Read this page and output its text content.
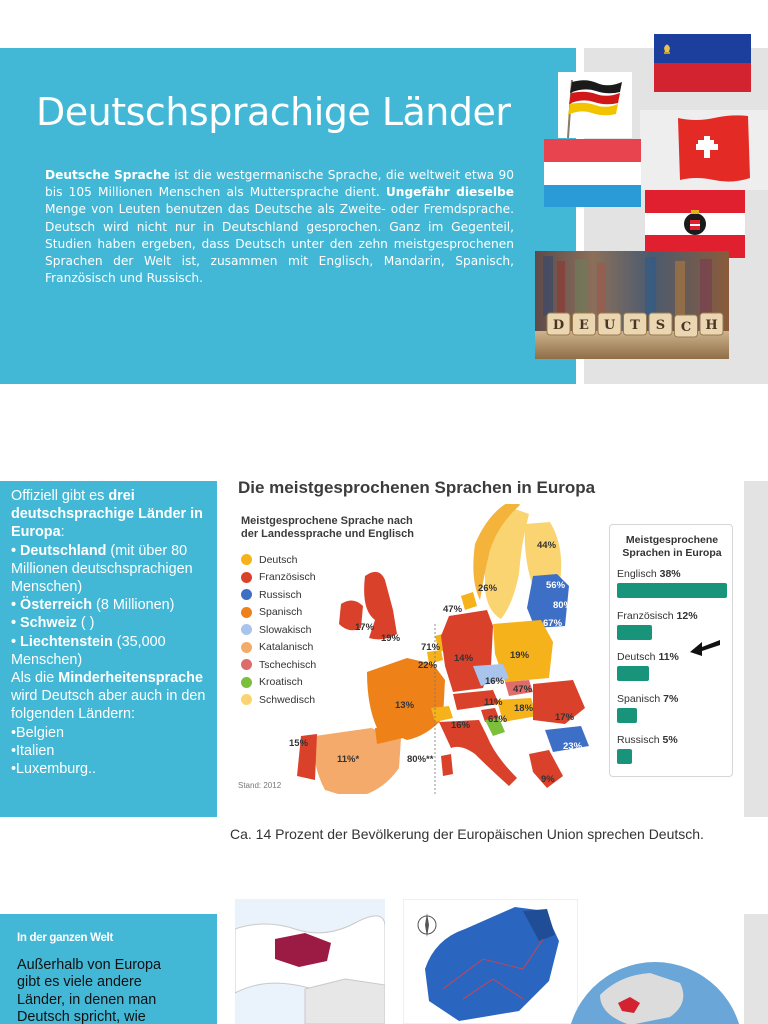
Deutschsprachige Länder
Deutsche Sprache ist die westgermanische Sprache, die weltweit etwa 90 bis 105 Millionen Menschen als Muttersprache dient. Ungefähr dieselbe Menge von Leuten benutzen das Deutsche als Zweite- oder Fremdsprache. Deutsch wird nicht nur in Deutschland gesprochen. Ganz im Gegenteil, Studien haben ergeben, dass Deutsch unter den zehn meistgesprochenen Sprachen der Welt ist, zusammen mit Englisch, Mandarin, Spanisch, Französisch und Russisch.
D E U T S C H
Offiziell gibt es drei deutschsprachige Länder in Europa:
• Deutschland (mit über 80 Millionen deutschsprachigen Menschen)
• Österreich (8 Millionen)
• Schweiz ( )
• Liechtenstein (35,000 Menschen)
Als die Minderheitensprache wird Deutsch aber auch in den folgenden Ländern:
•Belgien
•Italien
•Luxemburg..
Die meistgesprochenen Sprachen in Europa
Meistgesprochene Sprache nach der Landessprache und Englisch
Deutsch
Französisch
Russisch
Spanisch
Slowakisch
Katalanisch
Tschechisch
Kroatisch
Schwedisch
44%
26%	56%
80%
67%
47%
17%
19%
71%
22%
14%	19%
16%
47%
13%	11%
18%
16%
61%	17%
15%	23%
11%*	80%**
9%
Stand: 2012
Meistgesprochene Sprachen in Europa
Englisch 38%
Französisch 12%
Deutsch 11%
Spanisch 7%
Russisch 5%
Ca. 14 Prozent der Bevölkerung der Europäischen Union sprechen Deutsch.
In der ganzen Welt
Außerhalb von Europa gibt es viele andere Länder, in denen man Deutsch spricht, wie
